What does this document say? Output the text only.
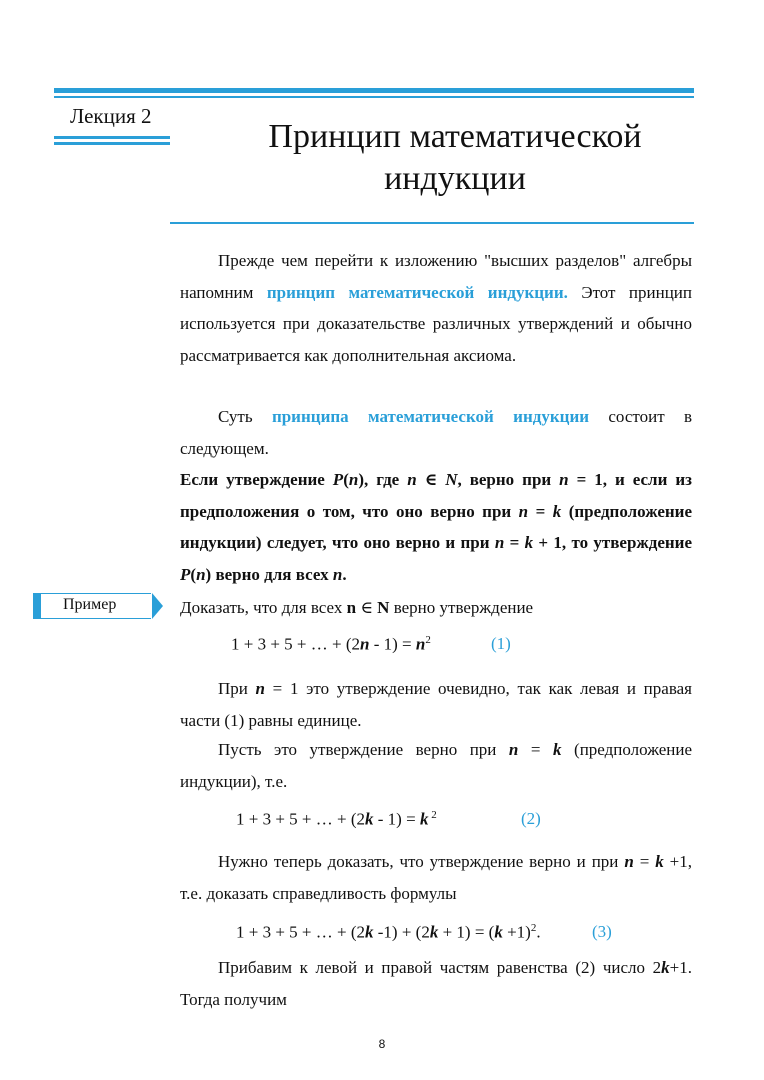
Лекция 2
Принцип математической
индукции
Прежде чем перейти к изложению "высших разделов" алгебры напомним принцип математической индукции. Этот принцип используется при доказательстве различных утверждений и обычно рассматривается как дополнительная аксиома.
Суть принципа математической индукции состоит в следующем.
Если утверждение P(n), где n ∈ N, верно при n = 1, и если из предположения о том, что оно верно при n = k (предположение индукции) следует, что оно верно и при n = k + 1, то утверждение P(n) верно для всех n.
Пример	Доказать, что для всех n ∈ N верно утверждение
1 + 3 + 5 + … + $(2n - 1) = n^2$	(1)
При n = 1 это утверждение очевидно, так как левая и правая части (1) равны единице.
Пусть это утверждение верно при n = k (предположение индукции), т.е.
1 + 3 + 5 + … + (2k - 1) = k $^2$	(2)
Нужно теперь доказать, что утверждение верно и при n = k +1, т.е. доказать справедливость формулы
1 + 3 + 5 + … + (2k $-1) + (2k + 1) = (k +1)^2$.	(3)
Прибавим к левой и правой частям равенства (2) число 2k+1. Тогда получим
8
